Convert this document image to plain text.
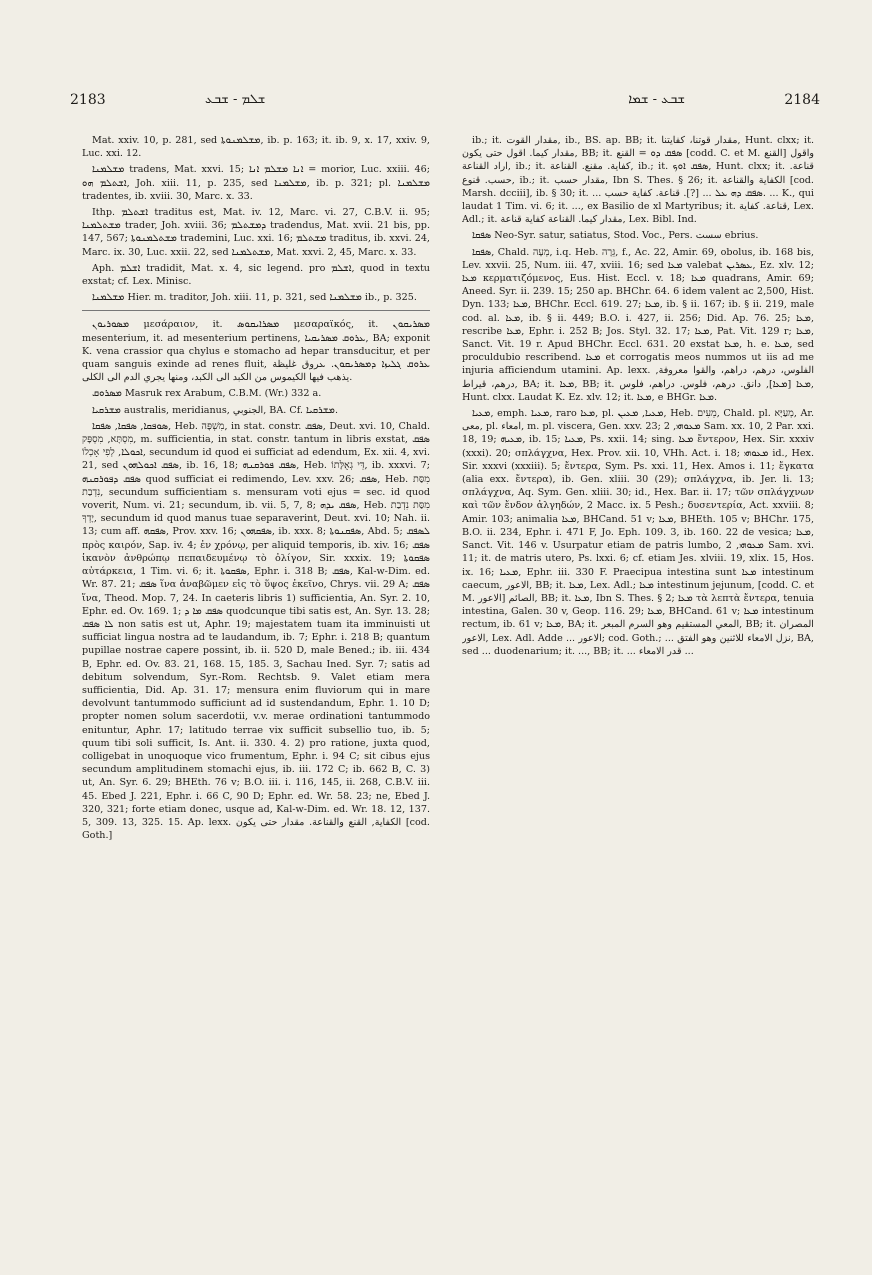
2183	ܫܠܡ - ܫܒܥ	ܫܒܥ - ܫܡܐ	2184

Mat. xxiv. 10, p. 281, sed ܡܫܠܡܢܘܬܐ, ib. p. 163; it. ib. 9, x. 17, xxiv. 9, Luc. xxi. 12.

ܡܫܠܡܢܐ tradens, Mat. xxvi. 15; ܐܢܐ ܡܫܠܡ ܐܢܐ = morior, Luc. xxiii. 46; ܐܫܬܠܡ ܗܘ, Joh. xiii. 11, p. 235, sed ܡܫܠܡܢܐ, ib. p. 321; pl. ܡܫܠܡܢܐ tradentes, ib. xviii. 30, Marc. x. 33.

Ithp. ܐܫܬܠܡ traditus est, Mat. iv. 12, Marc. vi. 27, C.B.V. ii. 95; ܡܫܬܠܡܢܐ trader, Joh. xviii. 36; ܕܡܫܬܠܡ tradendus, Mat. xvii. 21 bis, pp. 147, 567; ܡܫܬܠܡܢܘܬܐ trademini, Luc. xxi. 16; ܡܫܬܠܡ traditus, ib. xxvi. 24, Marc. ix. 30, Luc. xxii. 22, sed ܡܫܬܠܡܢܐ, Mat. xxvi. 2, 45, Marc. x. 33.

Aph. ܐܫܠܡ tradidit, Mat. x. 4, sic legend. pro ܐܫܠܡ, quod in textu exstat; cf. Lex. Minisc.

ܡܫܠܡܢܐ Hier. m. traditor, Joh. xiii. 11, p. 321, sed ܡܫܠܡܢܐ ib., p. 325.

ܡܣܘܪܝܘܢ μεσάραιον, it. ܡܣܪܐܝܩܘܣ μεσαραϊκός, it. ܡܣܪܝܩܘܢ mesenterium, it. ad mesenterium pertinens, ܥܪܘܩ ܡܣܪܝܩܝܐ, BA; exponit K. vena crassior qua chylus e stomacho ad hepar transducitur, et per quam sanguis exinde ad renes fluit, ܥܪܘܩ ܓܠܝܙܐ ܕܡܣܪܝܩܘܢ. ܥروق غليظة يذهب فيها الكيموس من الكبد الى الكبد، ومنها يجري الدم الى الكلى.

ܡܣܪܘܩ Masruk rex Arabum, C.B.M. (Wr.) 332 a.

ܡܫܪܩܝܐ australis, meridianus, الجنوبي, BA. Cf. ܡܫܪܩܝܐ.

ܣܘܦܩܐ, ܣܦܩܐ, ܣܦܩܐ, Heb. מִשְׁפָּה, in stat. constr. ܣܦܩ, Deut. xvi. 10, Chald. מִסְתָּא, מִסְפָּק, m. sufficientia, in stat. constr. tantum in libris exstat, ܣܦܩ ܐܟܘܠܐ, לְפִי אָכְלוֹ, secundum id quod ei sufficiat ad edendum, Ex. xii. 4, xvi. 21, sed ܣܦܩ ܐܟܘܠܗܘܢ, ib. 16, 18; ܣܦܩ ܦܘܪܩܢܗ, Heb. דֵּי גְאֻלָּתוֹ, ib. xxxvi. 7; ܣܦܩ ܕܦܘܪܩܢܗ quod sufficiat ei redimendo, Lev. xxv. 26; ܣܦܩ, Heb. מִסַּת נִדְבַת, secundum sufficientiam s. mensuram voti ejus = sec. id quod voverit, Num. vi. 21; secundum, ib. vii. 5, 7, 8; ܣܦܩ ܝܕܗ, Heb. מִסַּת נִדְבַת יָדְךָ, secundum id quod manus tuae separaverint, Deut. xvi. 10; Nah. ii. 13; cum aff. ܣܦܩܗ, Prov. xxv. 16; ܣܦܩܗܘܢ, ib. xxx. 8; ܣܦܩܢܘܬܐ, Abd. 5; ܠܣܦܩ πρὸς καιρόν, Sap. iv. 4; ἐν χρόνῳ, per aliquid temporis, ib. xiv. 16; ܣܦܩ ἱκανὸν ἀνθρώπῳ πεπαιδευμένῳ τὸ ὀλίγον, Sir. xxxix. 19; ܣܦܩܘܬܐ αὐτάρκεια, 1 Tim. vi. 6; it. ܣܦܩܘܬܐ, Ephr. i. 318 B; ܣܦܩ, Kal-w-Dim. ed. Wr. 87. 21; ܣܦܩ ἵνα ἀναβῶμεν εἰς τὸ ὕψος ἐκεῖνο, Chrys. vii. 29 A; ܣܦܩ ἵνα, Theod. Mop. 7, 24. In caeteris libris 1) sufficientia, An. Syr. 2. 10, Ephr. ed. Ov. 169. 1; ܣܦܩ ܡܐ ܕ quodcunque tibi satis est, An. Syr. 13. 28; ܠܐ ܣܦܩ non satis est ut, Aphr. 19; majestatem tuam ita imminuisti ut sufficiat lingua nostra ad te laudandum, ib. 7; Ephr. i. 218 B; quantum pupillae nostrae capere possint, ib. ii. 520 D, male Bened.; ib. iii. 434 B, Ephr. ed. Ov. 83. 21, 168. 15, 185. 3, Sachau Ined. Syr. 7; satis ad debitum solvendum, Syr.-Rom. Rechtsb. 9. Valet etiam mera sufficientia, Did. Ap. 31. 17; mensura enim fluviorum qui in mare devolvunt tantummodo sufficiunt ad id sustendandum, Ephr. 1. 10 D; propter nomen solum sacerdotii, v.v. merae ordinationi tantummodo enituntur, Aphr. 17; latitudo terrae vix sufficit subsellio tuo, ib. 5; quum tibi soli sufficit, Is. Ant. ii. 330. 4. 2) pro ratione, juxta quod, colligebat in unoquoque vico frumentum, Ephr. i. 94 C; sit cibus ejus secundum amplitudinem stomachi ejus, ib. iii. 172 C; ib. 662 B, C. 3) ut, An. Syr. 6. 29; BHEth. 76 v; B.O. iii. i. 116, 145, ii. 268, C.B.V. iii. 45. Ebed J. 221, Ephr. i. 66 C, 90 D; Ephr. ed. Wr. 58. 23; ne, Ebed J. 320, 321; forte etiam donec, usque ad, Kal-w-Dim. ed. Wr. 18. 12, 137. 5, 309. 13, 325. 15. Ap. lexx. الكفاية, القنع والقناعة. مقدار حتى يكون [cod. Goth.]

ib.; it. مقدار القوت, ib., BS. ap. BB; it. مقدار قوتنا، كفايتنا, Hunt. clxx; it. مقدار كيما. اقول حتى يكون, BB; it. ܣܦܩ ܕܘ = القنع [codd. C. et M. القنع] واقول اراد القناعة, ib.; it. كفاية. مقنع. القناعة, ib.; it. ܣܦܩ ܐܘܟ, Hunt. clxx; it. قناعة. حسب. قنوع, ib.; it. مقدار حسب, Ibn S. Thes. § 26; it. الكفاية والقناعة [cod. Marsh. dcciii], ib. § 30; it. ... ܣܦܩ ܕܗ ܥܠ ... [?]. قناعة. كفاية حسب. ... K., qui laudat 1 Tim. vi. 6; it. ..., ex Basilio de xl Martyribus; it. قناعة. كفاية, Lex. Adl.; it. مقدار كيما. القناعة كفاية قناعة, Lex. Bibl. Ind.

ܣܦܩܐ Neo-Syr. satur, satiatus, Stod. Voc., Pers. سست ebrius.

ܣܦܩܐ, Chald. מְעָה, i.q. Heb. גֵּרָה, f., Ac. 22, Amir. 69, obolus, ib. 168 bis, Lev. xxvii. 25, Num. iii. 47, xviii. 16; sed ܡܥܐ valebat ܥܣܪܝܢ, Ez. xlv. 12; ܡܥܐ κερματιζόμενος, Eus. Hist. Eccl. v. 18; ܡܥܐ quadrans, Amir. 69; Aneed. Syr. ii. 239. 15; 250 ap. BHChr. 64. 6 idem valent ac 2,500, Hist. Dyn. 133; ܡܥܐ, BHChr. Eccl. 619. 27; ܡܥܐ, ib. § ii. 167; ib. § ii. 219, male cod. al. ܡܥܐ, ib. § ii. 449; B.O. i. 427, ii. 256; Did. Ap. 76. 25; ܡܥܐ, rescribe ܡܥܐ, Ephr. i. 252 B; Jos. Styl. 32. 17; ܡܥܐ, Pat. Vit. 129 r; ܡܥܐ, Sanct. Vit. 19 r. Apud BHChr. Eccl. 631. 20 exstat ܡܥܐ, h. e. ܡܥܐ, sed proculdubio rescribend. ܡܥܐ et corrogatis meos nummos ut iis ad me injuria afficiendum utamini. Ap. lexx. الفلوس، درهم، دراهم، والقوا معروفة, درهم، قيراط, BA; it. ܡܥܐ, BB; it. ܡܥܐ [ܡܥܐ], دانق. درهم، فلوس. دراهم، فلوس, Hunt. clxx. Laudat K. Ez. xlv. 12; it. ܡܥܐ, e BHGr. ܡܥܐ.

ܡܥܝܐ, emph. ܡܥܝܐ, raro ܡܥܐ, pl. ܡܥܝܐ, ܡܥܝܢ, Heb. מֵעִים, Chald. pl. מְעַיָּא, Ar. معى, pl. امعاء, m. pl. viscera, Gen. xxv. 23; ܡܥܘܗܝ, 2 Sam. xx. 10, 2 Par. xxi. 18, 19; ܡܥܝܗ, ib. 15; ܡܥܝܐ, Ps. xxii. 14; sing. ܡܥܐ ἔντερον, Hex. Sir. xxxiv (xxxi). 20; σπλάγχνα, Hex. Prov. xii. 10, VHh. Act. i. 18; ܡܥܘܗܝ id., Hex. Sir. xxxvi (xxxiii). 5; ἔντερα, Sym. Ps. xxi. 11, Hex. Amos i. 11; ἔγκατα (alia exx. ἔντερα), ib. Gen. xliii. 30 (29); σπλάγχνα, ib. Jer. li. 13; σπλάγχνα, Aq. Sym. Gen. xliii. 30; id., Hex. Bar. ii. 17; τῶν σπλάγχνων καὶ τῶν ἔνδον ἀλγηδών, 2 Macc. ix. 5 Pesh.; δυσεντερία, Act. xxviii. 8; Amir. 103; animalia ܡܥܐ, BHCand. 51 v; ܡܥܐ, BHEth. 105 v; BHChr. 175, B.O. ii. 234, Ephr. i. 471 F, Jo. Eph. 109. 3, ib. 160. 22 de vesica; ܡܥܐ, Sanct. Vit. 146 v. Usurpatur etiam de patris lumbo, ܡܥܘܗܝ, 2 Sam. xvi. 11; it. de matris utero, Ps. lxxi. 6; cf. etiam Jes. xlviii. 19, xlix. 15, Hos. ix. 16; ܡܥܝܐ, Ephr. iii. 330 F. Praecipua intestina sunt ܡܥܐ intestinum caecum, الاعور, BB; it. ܡܥܐ, Lex. Adl.; ܡܥܐ intestinum jejunum, [codd. C. et M. الاعور] الصائم, BB; it. ܡܥܐ, Ibn S. Thes. § 2; ܡܥܐ τὰ λεπτὰ ἔντερα, tenuia intestina, Galen. 30 v, Geop. 116. 29; ܡܥܐ, BHCand. 61 v; ܡܥܐ intestinum rectum, ib. 61 v; ܡܥܐ, BA; it. المعي المستقيم وهو السرم المبعر, BB; it. المصران الاعور, Lex. Adl. Adde ... الاعور; cod. Goth.; ... نزل الامعاء للاثنين وهو الفتق, BA, sed ... duodenarium; it. ..., BB; it. ... قدر الامعاء ...
